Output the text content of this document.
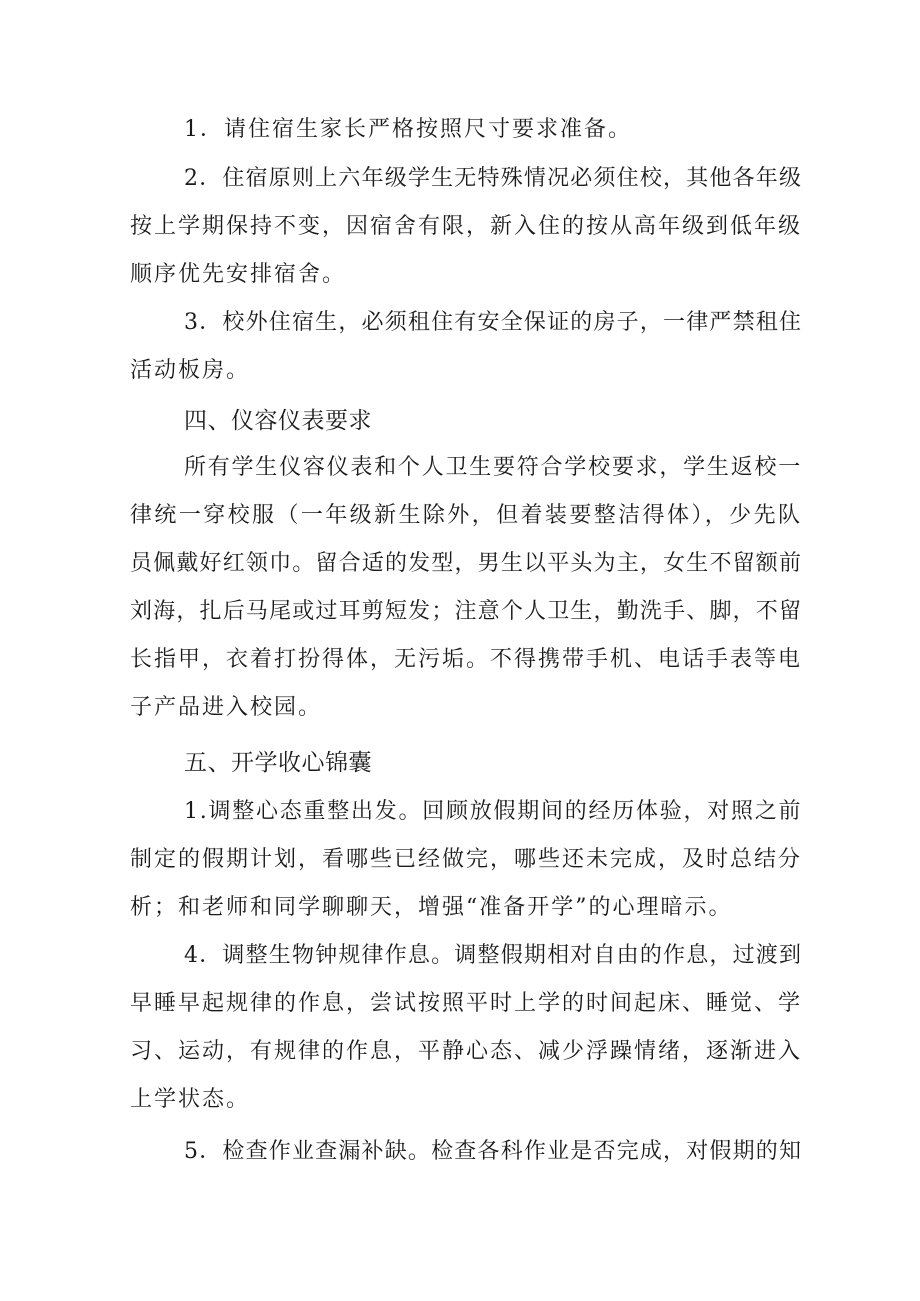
1．请住宿生家长严格按照尺寸要求准备。
2．住宿原则上六年级学生无特殊情况必须住校，其他各年级
按上学期保持不变，因宿舍有限，新入住的按从高年级到低年级
顺序优先安排宿舍。
3．校外住宿生，必须租住有安全保证的房子，一律严禁租住
活动板房。
四、仪容仪表要求
所有学生仪容仪表和个人卫生要符合学校要求，学生返校一
律统一穿校服（一年级新生除外，但着装要整洁得体），少先队
员佩戴好红领巾。留合适的发型，男生以平头为主，女生不留额前
刘海，扎后马尾或过耳剪短发；注意个人卫生，勤洗手、脚，不留
长指甲，衣着打扮得体，无污垢。不得携带手机、电话手表等电
子产品进入校园。
五、开学收心锦囊
1.调整心态重整出发。回顾放假期间的经历体验，对照之前
制定的假期计划，看哪些已经做完，哪些还未完成，及时总结分
析；和老师和同学聊聊天，增强“准备开学”的心理暗示。
4．调整生物钟规律作息。调整假期相对自由的作息，过渡到
早睡早起规律的作息，尝试按照平时上学的时间起床、睡觉、学
习、运动，有规律的作息，平静心态、减少浮躁情绪，逐渐进入
上学状态。
5．检查作业查漏补缺。检查各科作业是否完成，对假期的知
